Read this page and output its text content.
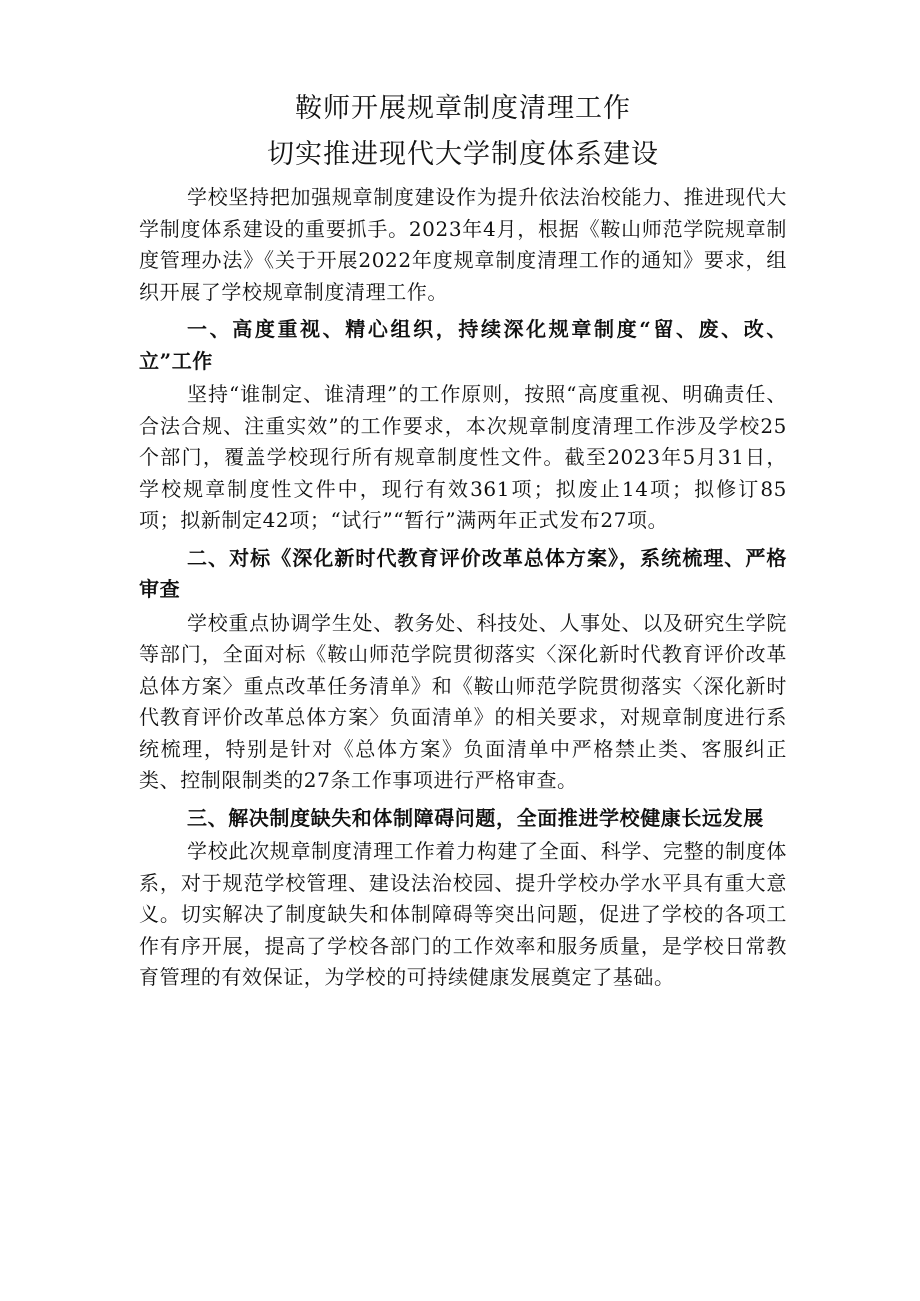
鞍师开展规章制度清理工作
切实推进现代大学制度体系建设

学校坚持把加强规章制度建设作为提升依法治校能力、推进现代大学制度体系建设的重要抓手。2023年4月，根据《鞍山师范学院规章制度管理办法》《关于开展2022年度规章制度清理工作的通知》要求，组织开展了学校规章制度清理工作。

一、高度重视、精心组织，持续深化规章制度“留、废、改、立”工作

坚持“谁制定、谁清理”的工作原则，按照“高度重视、明确责任、合法合规、注重实效”的工作要求，本次规章制度清理工作涉及学校25个部门，覆盖学校现行所有规章制度性文件。截至2023年5月31日，学校规章制度性文件中，现行有效361项；拟废止14项；拟修订85项；拟新制定42项；“试行”“暂行”满两年正式发布27项。

二、对标《深化新时代教育评价改革总体方案》，系统梳理、严格审查

学校重点协调学生处、教务处、科技处、人事处、以及研究生学院等部门，全面对标《鞍山师范学院贯彻落实〈深化新时代教育评价改革总体方案〉重点改革任务清单》和《鞍山师范学院贯彻落实〈深化新时代教育评价改革总体方案〉负面清单》的相关要求，对规章制度进行系统梳理，特别是针对《总体方案》负面清单中严格禁止类、客服纠正类、控制限制类的27条工作事项进行严格审查。

三、解决制度缺失和体制障碍问题，全面推进学校健康长远发展

学校此次规章制度清理工作着力构建了全面、科学、完整的制度体系，对于规范学校管理、建设法治校园、提升学校办学水平具有重大意义。切实解决了制度缺失和体制障碍等突出问题，促进了学校的各项工作有序开展，提高了学校各部门的工作效率和服务质量，是学校日常教育管理的有效保证，为学校的可持续健康发展奠定了基础。
